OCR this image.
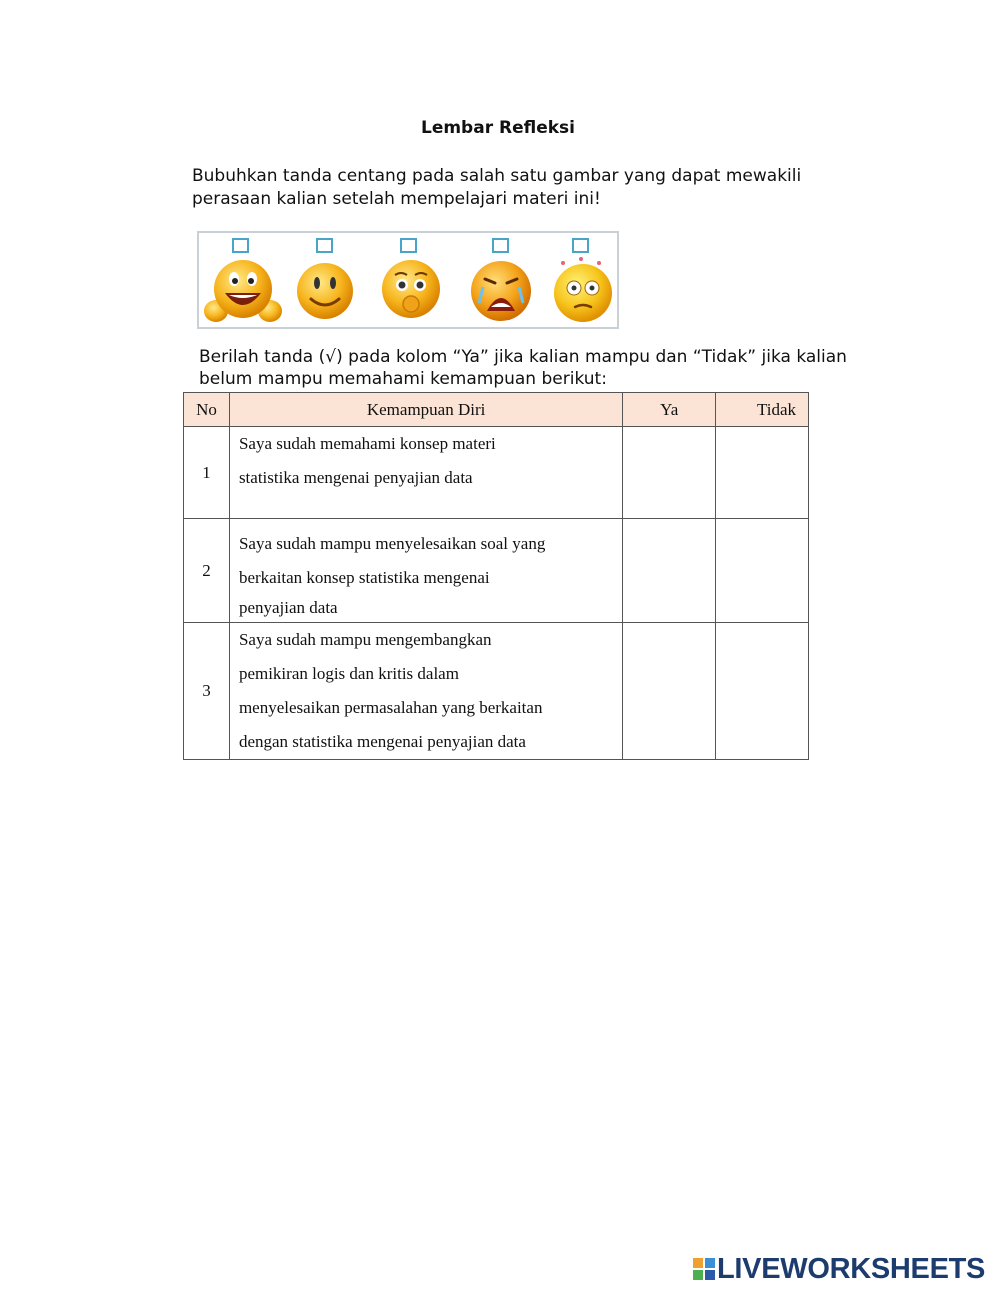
Lembar Refleksi

Bubuhkan tanda centang pada salah satu gambar yang dapat mewakili perasaan kalian setelah mempelajari materi ini!

Berilah tanda (√) pada kolom “Ya” jika kalian mampu dan “Tidak” jika kalian belum mampu memahami kemampuan berikut:

No	Kemampuan Diri	Ya	Tidak
1	Saya sudah memahami konsep materi
statistika mengenai penyajian data		

2	Saya sudah mampu menyelesaikan soal yang
berkaitan konsep statistika mengenai
penyajian data		

3	Saya sudah mampu mengembangkan
pemikiran logis dan kritis dalam
menyelesaikan permasalahan yang berkaitan
dengan statistika mengenai penyajian data		

LIVEWORKSHEETS
